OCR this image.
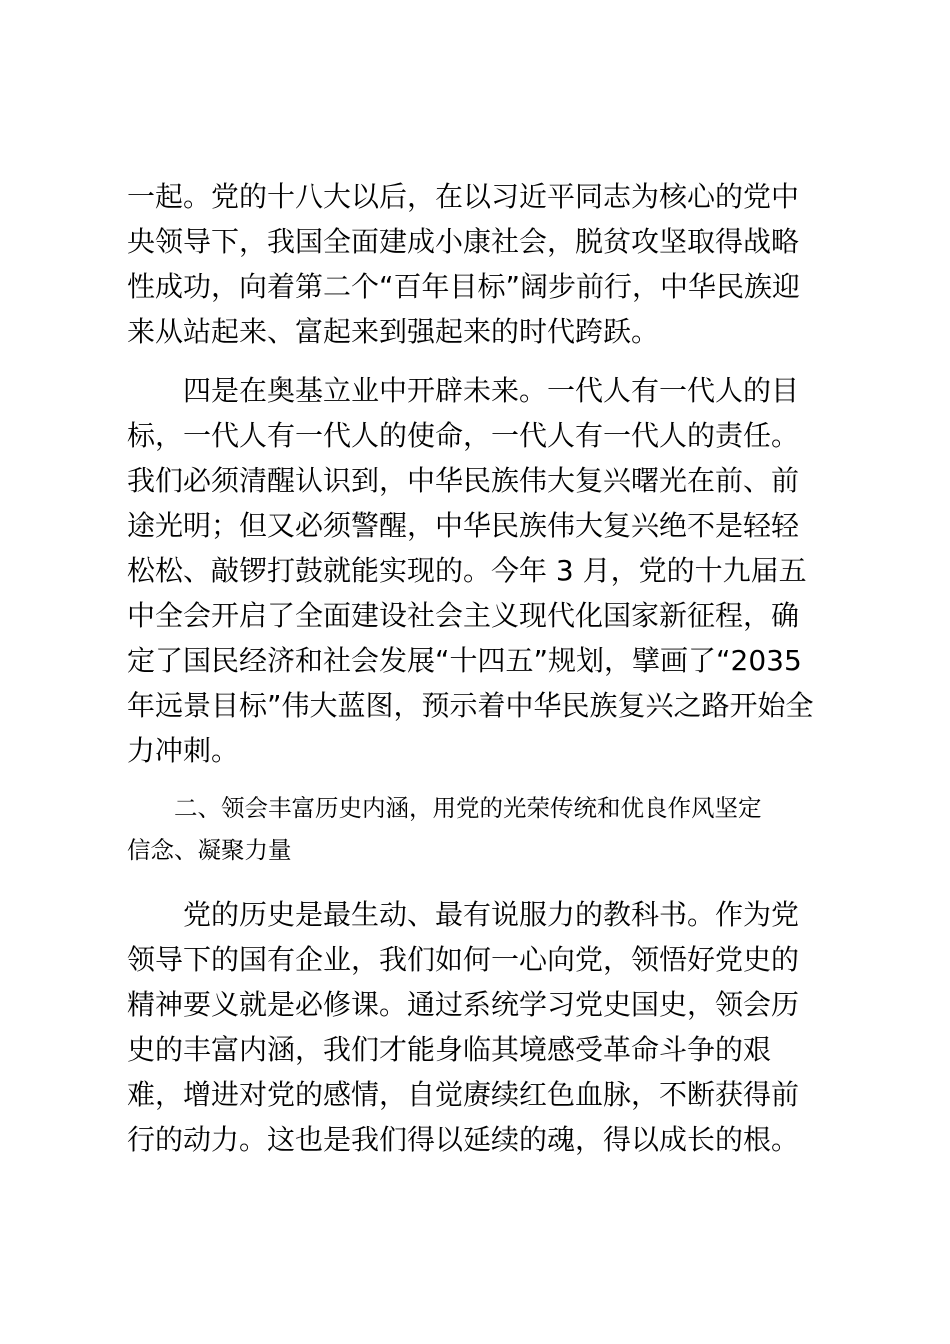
一起。党的十八大以后，在以习近平同志为核心的党中
央领导下，我国全面建成小康社会，脱贫攻坚取得战略
性成功，向着第二个“百年目标”阔步前行，中华民族迎
来从站起来、富起来到强起来的时代跨跃。
四是在奥基立业中开辟未来。一代人有一代人的目
标，一代人有一代人的使命，一代人有一代人的责任。
我们必须清醒认识到，中华民族伟大复兴曙光在前、前
途光明；但又必须警醒，中华民族伟大复兴绝不是轻轻
松松、敲锣打鼓就能实现的。今年 3 月，党的十九届五
中全会开启了全面建设社会主义现代化国家新征程，确
定了国民经济和社会发展“十四五”规划，擘画了“2035
年远景目标”伟大蓝图，预示着中华民族复兴之路开始全
力冲刺。
二、领会丰富历史内涵，用党的光荣传统和优良作风坚定
信念、凝聚力量
党的历史是最生动、最有说服力的教科书。作为党
领导下的国有企业，我们如何一心向党，领悟好党史的
精神要义就是必修课。通过系统学习党史国史，领会历
史的丰富内涵，我们才能身临其境感受革命斗争的艰
难，增进对党的感情，自觉赓续红色血脉，不断获得前
行的动力。这也是我们得以延续的魂，得以成长的根。
